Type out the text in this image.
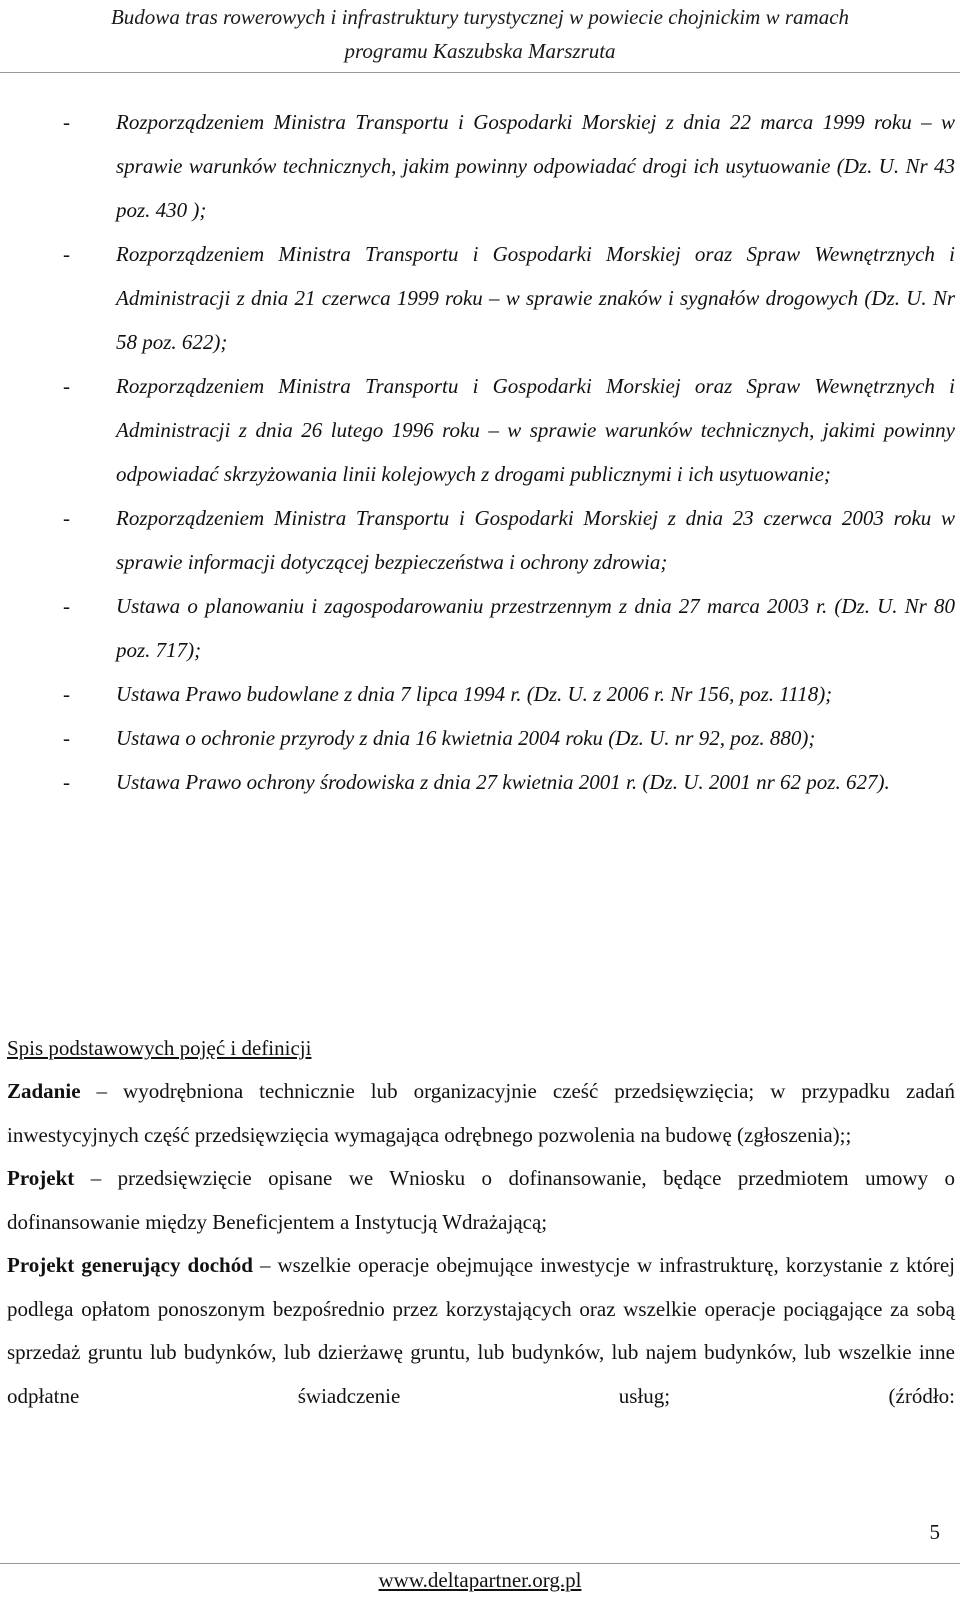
Budowa tras rowerowych i infrastruktury turystycznej w powiecie chojnickim w ramach
programu Kaszubska Marszruta
- Rozporządzeniem Ministra Transportu i Gospodarki Morskiej z dnia 22 marca 1999 roku – w sprawie warunków technicznych, jakim powinny odpowiadać drogi ich usytuowanie (Dz. U. Nr 43 poz. 430 );
- Rozporządzeniem Ministra Transportu i Gospodarki Morskiej oraz Spraw Wewnętrznych i Administracji z dnia 21 czerwca 1999 roku – w sprawie znaków i sygnałów drogowych (Dz. U. Nr 58 poz. 622);
- Rozporządzeniem Ministra Transportu i Gospodarki Morskiej oraz Spraw Wewnętrznych i Administracji z dnia 26 lutego 1996 roku – w sprawie warunków technicznych, jakimi powinny odpowiadać skrzyżowania linii kolejowych z drogami publicznymi i ich usytuowanie;
- Rozporządzeniem Ministra Transportu i Gospodarki Morskiej z dnia 23 czerwca 2003 roku w sprawie informacji dotyczącej bezpieczeństwa i ochrony zdrowia;
- Ustawa o planowaniu i zagospodarowaniu przestrzennym z dnia 27 marca 2003 r. (Dz. U. Nr 80 poz. 717);
- Ustawa Prawo budowlane z dnia 7 lipca 1994 r. (Dz. U. z 2006 r. Nr 156, poz. 1118);
- Ustawa o ochronie przyrody z dnia 16 kwietnia 2004 roku (Dz. U. nr 92, poz. 880);
- Ustawa Prawo ochrony środowiska z dnia 27 kwietnia 2001 r. (Dz. U. 2001 nr 62 poz. 627).

Spis podstawowych pojęć i definicji

Zadanie – wyodrębniona technicznie lub organizacyjnie cześć przedsięwzięcia; w przypadku zadań inwestycyjnych część przedsięwzięcia wymagająca odrębnego pozwolenia na budowę (zgłoszenia);;

Projekt – przedsięwzięcie opisane we Wniosku o dofinansowanie, będące przedmiotem umowy o dofinansowanie między Beneficjentem a Instytucją Wdrażającą;

Projekt generujący dochód – wszelkie operacje obejmujące inwestycje w infrastrukturę, korzystanie z której podlega opłatom ponoszonym bezpośrednio przez korzystających oraz wszelkie operacje pociągające za sobą sprzedaż gruntu lub budynków, lub dzierżawę gruntu, lub budynków, lub najem budynków, lub wszelkie inne odpłatne świadczenie usług; (źródło:

5
www.deltapartner.org.pl
